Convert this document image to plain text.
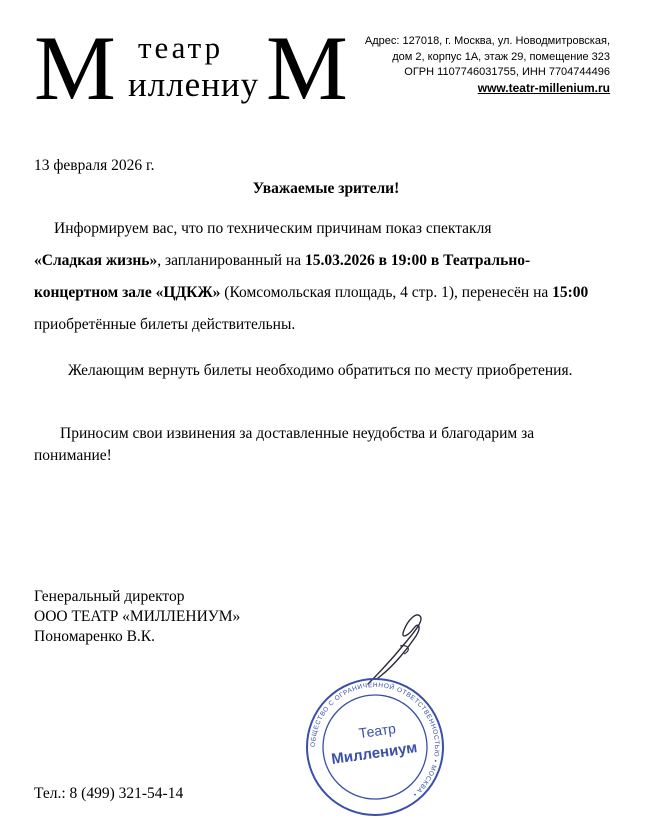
М театр
иллениу М	Адрес: 127018, г. Москва, ул. Новодмитровская,
дом 2, корпус 1А, этаж 29, помещение 323
ОГРН 1107746031755, ИНН 7704744496
www.teatr-millenium.ru
13 февраля 2026 г.
Уважаемые зрители!
Информируем вас, что по техническим причинам показ спектакля
«Сладкая жизнь», запланированный на 15.03.2026 в 19:00 в Театрально-концертном зале «ЦДКЖ» (Комсомольская площадь, 4 стр. 1), перенесён на 15:00 приобретённые билеты действительны.
Желающим вернуть билеты необходимо обратиться по месту приобретения.
Приносим свои извинения за доставленные неудобства и благодарим за понимание!
Генеральный директор
ООО ТЕАТР «МИЛЛЕНИУМ»
Пономаренко В.К.
ОБЩЕСТВО С ОГРАНИЧЕННОЙ ОТВЕТСТВЕННОСТЬЮ • МОСКВА •
Театр
Миллениум
Тел.: 8 (499) 321-54-14
